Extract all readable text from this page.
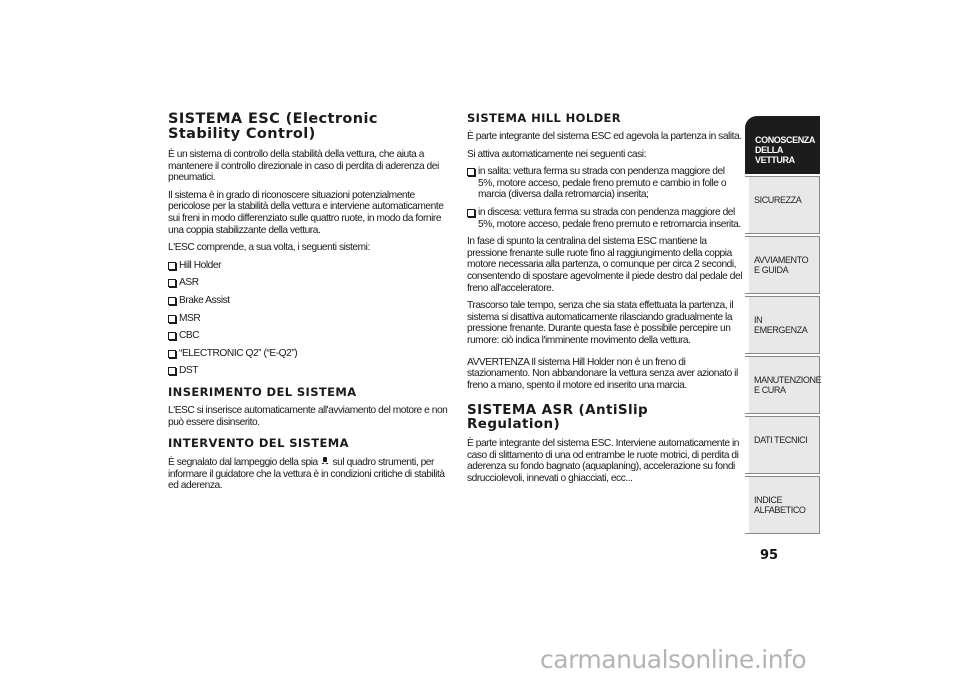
SISTEMA ESC (Electronic Stability Control)

È un sistema di controllo della stabilità della vettura, che aiuta a mantenere il controllo direzionale in caso di perdita di aderenza dei pneumatici.

Il sistema è in grado di riconoscere situazioni potenzialmente pericolose per la stabilità della vettura e interviene automaticamente sui freni in modo differenziato sulle quattro ruote, in modo da fornire una coppia stabilizzante della vettura.

L'ESC comprende, a sua volta, i seguenti sistemi:

Hill Holder
ASR
Brake Assist
MSR
CBC
“ELECTRONIC Q2” (“E-Q2”)
DST
INSERIMENTO DEL SISTEMA

L'ESC si inserisce automaticamente all'avviamento del motore e non può essere disinserito.

INTERVENTO DEL SISTEMA

È segnalato dal lampeggio della spia sul quadro strumenti, per informare il guidatore che la vettura è in condizioni critiche di stabilità ed aderenza.

SISTEMA HILL HOLDER

È parte integrante del sistema ESC ed agevola la partenza in salita.

Si attiva automaticamente nei seguenti casi:

in salita: vettura ferma su strada con pendenza maggiore del 5%, motore acceso, pedale freno premuto e cambio in folle o marcia (diversa dalla retromarcia) inserita;
in discesa: vettura ferma su strada con pendenza maggiore del 5%, motore acceso, pedale freno premuto e retromarcia inserita.

In fase di spunto la centralina del sistema ESC mantiene la pressione frenante sulle ruote fino al raggiungimento della coppia motore necessaria alla partenza, o comunque per circa 2 secondi, consentendo di spostare agevolmente il piede destro dal pedale del freno all'acceleratore.

Trascorso tale tempo, senza che sia stata effettuata la partenza, il sistema si disattiva automaticamente rilasciando gradualmente la pressione frenante. Durante questa fase è possibile percepire un rumore: ciò indica l'imminente movimento della vettura.

AVVERTENZA Il sistema Hill Holder non è un freno di stazionamento. Non abbandonare la vettura senza aver azionato il freno a mano, spento il motore ed inserito una marcia.

SISTEMA ASR (AntiSlip Regulation)

È parte integrante del sistema ESC. Interviene automaticamente in caso di slittamento di una od entrambe le ruote motrici, di perdita di aderenza su fondo bagnato (aquaplaning), accelerazione su fondi sdrucciolevoli, innevati o ghiacciati, ecc...

CONOSCENZA DELLA VETTURA
SICUREZZA
AVVIAMENTO E GUIDA
IN EMERGENZA
MANUTENZIONE E CURA
DATI TECNICI
INDICE ALFABETICO
95
carmanualsonline.info
